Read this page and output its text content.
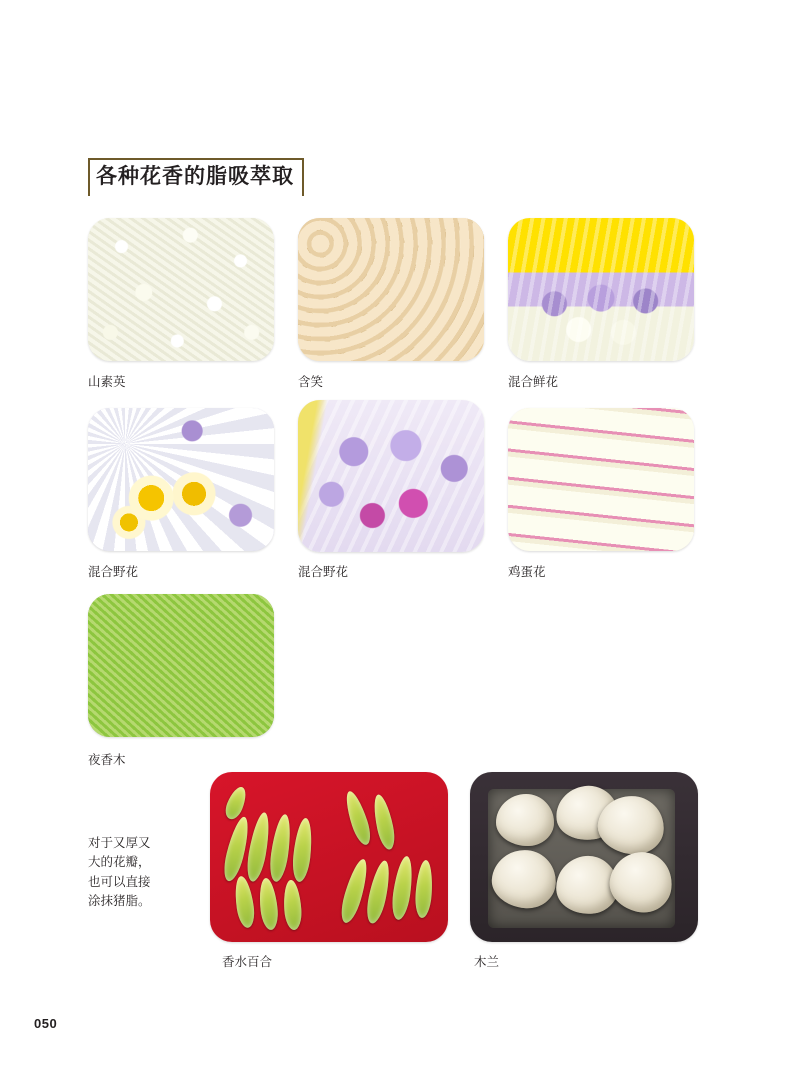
各种花香的脂吸萃取
山素英	含笑	混合鲜花
混合野花	混合野花	鸡蛋花
夜香木
对于又厚又大的花瓣，也可以直接涂抹猪脂。
香水百合	木兰
050
